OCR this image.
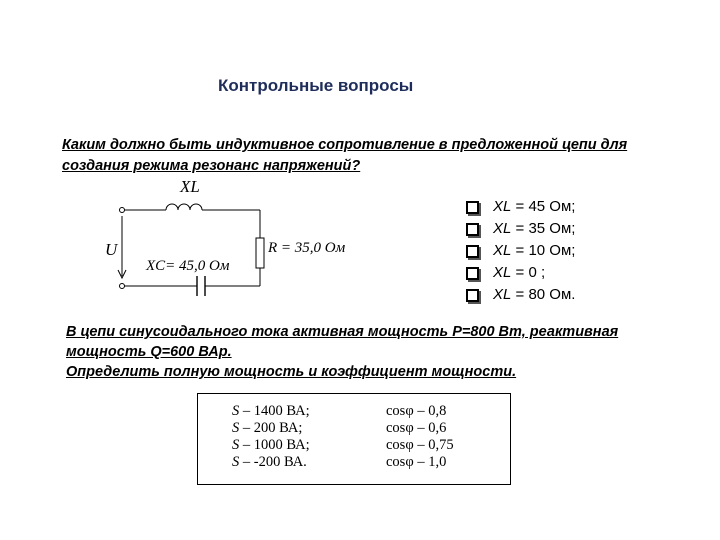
Контрольные вопросы
Каким должно быть индуктивное сопротивление в предложенной цепи для
создания режима резонанс напряжений?
XL
U
XC= 45,0 Ом
R = 35,0 Ом
XL
= 45 Ом;
XL
= 35 Ом;
XL
= 10 Ом;
XL
= 0 ;
XL
= 80 Ом.
В цепи синусоидального тока активная мощность Р=800 Вт, реактивная
мощность Q=600 ВАр.
Определить полную мощность и коэффициент мощности.
S – 1400 ВА;
S – 200 ВА;
S – 1000 ВА;
S – -200 ВА.
cosφ – 0,8
cosφ – 0,6
cosφ – 0,75
cosφ – 1,0
